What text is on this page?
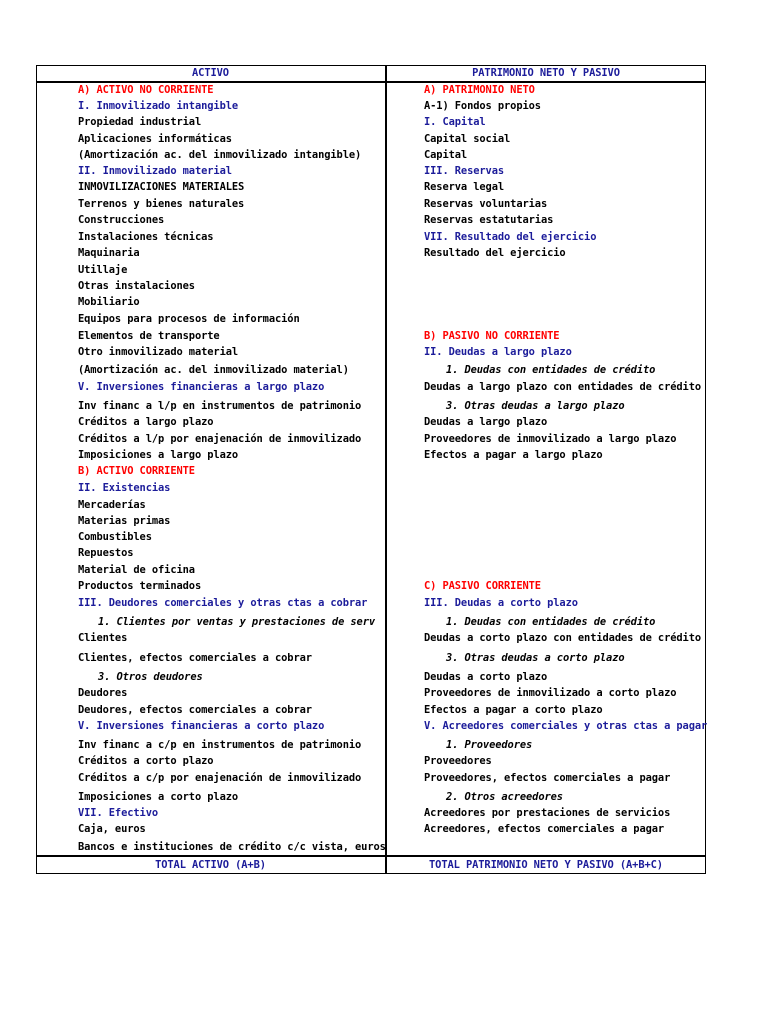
ACTIVO	PATRIMONIO NETO Y PASIVO
TOTAL ACTIVO (A+B)	TOTAL PATRIMONIO NETO Y PASIVO (A+B+C)
A) ACTIVO NO CORRIENTE
I. Inmovilizado intangible
Propiedad industrial
Aplicaciones informáticas
(Amortización ac. del inmovilizado intangible)
II. Inmovilizado material
INMOVILIZACIONES MATERIALES
Terrenos y bienes naturales
Construcciones
Instalaciones técnicas
Maquinaria
Utillaje
Otras instalaciones
Mobiliario
Equipos para procesos de información
Elementos de transporte
Otro inmovilizado material
(Amortización ac. del inmovilizado material)
V. Inversiones financieras a largo plazo
Inv financ a l/p en instrumentos de patrimonio
Créditos a largo plazo
Créditos a l/p por enajenación de inmovilizado
Imposiciones a largo plazo
B) ACTIVO CORRIENTE
II. Existencias
Mercaderías
Materias primas
Combustibles
Repuestos
Material de oficina
Productos terminados
III. Deudores comerciales y otras ctas a cobrar
1. Clientes por ventas y prestaciones de serv
Clientes
Clientes, efectos comerciales a cobrar
3. Otros deudores
Deudores
Deudores, efectos comerciales a cobrar
V. Inversiones financieras a corto plazo
Inv financ a c/p en instrumentos de patrimonio
Créditos a corto plazo
Créditos a c/p por enajenación de inmovilizado
Imposiciones a corto plazo
VII. Efectivo
Caja, euros
Bancos e instituciones de crédito c/c vista, euros
A) PATRIMONIO NETO
A-1) Fondos propios
I. Capital
Capital social
Capital
III. Reservas
Reserva legal
Reservas voluntarias
Reservas estatutarias
VII. Resultado del ejercicio
Resultado del ejercicio
B) PASIVO NO CORRIENTE
II. Deudas a largo plazo
1. Deudas con entidades de crédito
Deudas a largo plazo con entidades de crédito
3. Otras deudas a largo plazo
Deudas a largo plazo
Proveedores de inmovilizado a largo plazo
Efectos a pagar a largo plazo
C) PASIVO CORRIENTE
III. Deudas a corto plazo
1. Deudas con entidades de crédito
Deudas a corto plazo con entidades de crédito
3. Otras deudas a corto plazo
Deudas a corto plazo
Proveedores de inmovilizado a corto plazo
Efectos a pagar a corto plazo
V. Acreedores comerciales y otras ctas a pagar
1. Proveedores
Proveedores
Proveedores, efectos comerciales a pagar
2. Otros acreedores
Acreedores por prestaciones de servicios
Acreedores, efectos comerciales a pagar
